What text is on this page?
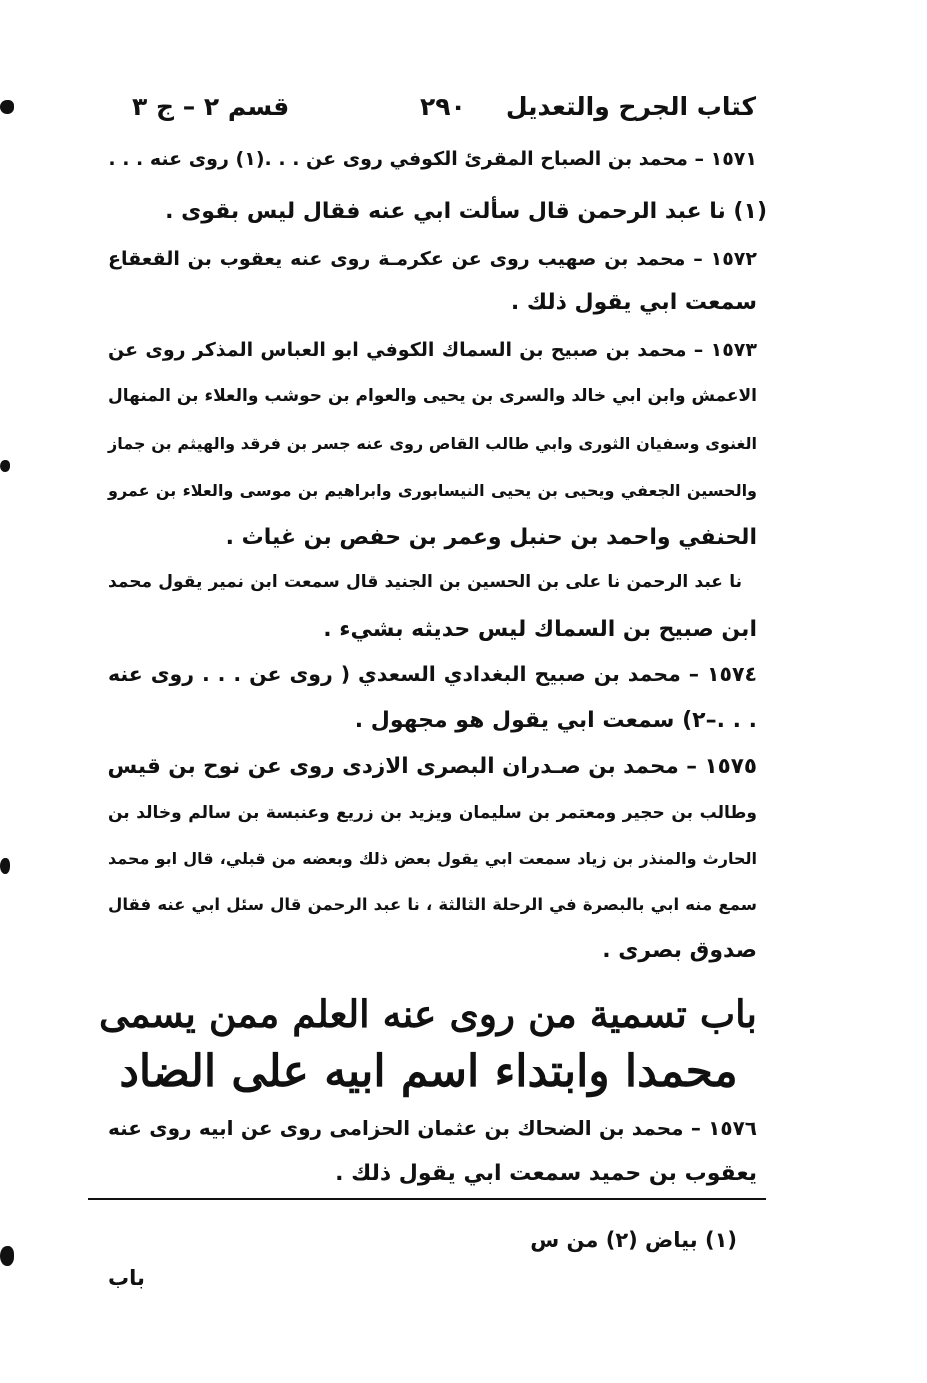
كتاب الجرح والتعديل
٢٩٠
قسم ٢ – ج ٣
١٥٧١ – محمد بن الصباح المقرئ الكوفي روى عن . . .(١) روى عنه . . .
(١) نا عبد الرحمن قال سألت ابي عنه فقال ليس بقوى .
١٥٧٢ – محمد بن صهيب روى عن عكرمـة روى عنه يعقوب بن القعقاع
سمعت ابي يقول ذلك .
١٥٧٣ – محمد بن صبيح بن السماك الكوفي ابو العباس المذكر روى عن
الاعمش وابن ابي خالد والسرى بن يحيى والعوام بن حوشب والعلاء بن المنهال
الغنوى وسفيان الثورى وابي طالب القاص روى عنه جسر بن فرقد والهيثم بن جماز
والحسين الجعفي ويحيى بن يحيى النيسابورى وابراهيم بن موسى والعلاء بن عمرو
الحنفي واحمد بن حنبل وعمر بن حفص بن غياث .
نا عبد الرحمن نا على بن الحسين بن الجنيد قال سمعت ابن نمير يقول محمد
ابن صبيح بن السماك ليس حديثه بشيء .
١٥٧٤ – محمد بن صبيح البغدادي السعدي ( روى عن . . . روى عنه
. . .–٢) سمعت ابي يقول هو مجهول .
١٥٧٥ – محمد بن صـدران البصرى الازدى روى عن نوح بن قيس
وطالب بن حجير ومعتمر بن سليمان ويزيد بن زريع وعنبسة بن سالم وخالد بن
الحارث والمنذر بن زياد سمعت ابي يقول بعض ذلك وبعضه من قبلي، قال ابو محمد
سمع منه ابي بالبصرة في الرحلة الثالثة ، نا عبد الرحمن قال سئل ابي عنه فقال
صدوق بصرى .
باب تسمية من روى عنه العلم ممن يسمى
محمدا وابتداء اسم ابيه على الضاد
١٥٧٦ – محمد بن الضحاك بن عثمان الحزامى روى عن ابيه روى عنه
يعقوب بن حميد سمعت ابي يقول ذلك .
(١) بياض (٢) من س
باب
